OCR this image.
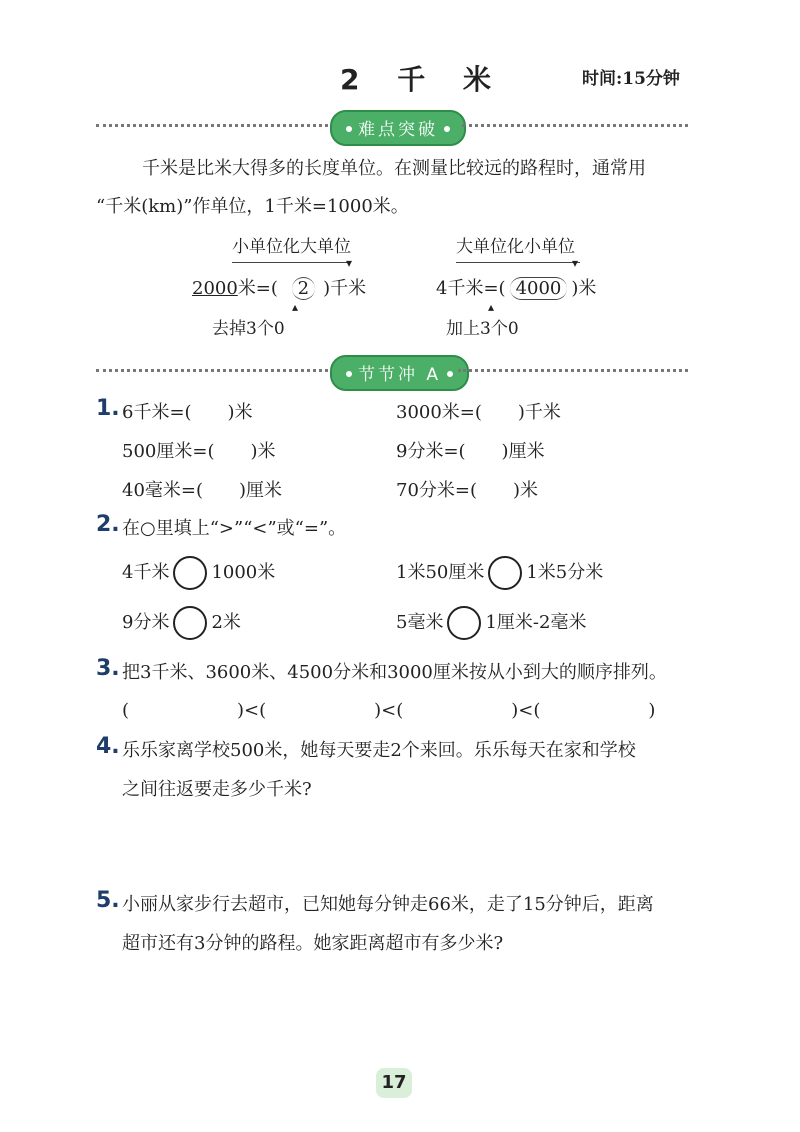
2 千 米	时间:15分钟
难点突破
千米是比米大得多的长度单位。在测量比较远的路程时，通常用
“千米(km)”作单位，1千米=1000米。
小单位化大单位
▾
2000米=( 2 )千米
▴
去掉3个0
大单位化小单位
▾
4千米=( 4000 )米
▴
加上3个0
节节冲 A
1. 6千米=(　　)米	3000米=(　　)千米
500厘米=(　　)米	9分米=(　　)厘米
40毫米=(　　)厘米	70分米=(　　)米
2. 在○里填上“>”“<”或“=”。
4千米 1000米	1米50厘米 1米5分米
9分米 2米	5毫米 1厘米-2毫米
3. 把3千米、3600米、4500分米和3000厘米按从小到大的顺序排列。
(　　　　　　)<(　　　　　　)<(　　　　　　)<(　　　　　　)
4. 乐乐家离学校500米，她每天要走2个来回。乐乐每天在家和学校
之间往返要走多少千米?
5. 小丽从家步行去超市，已知她每分钟走66米，走了15分钟后，距离
超市还有3分钟的路程。她家距离超市有多少米?
17
